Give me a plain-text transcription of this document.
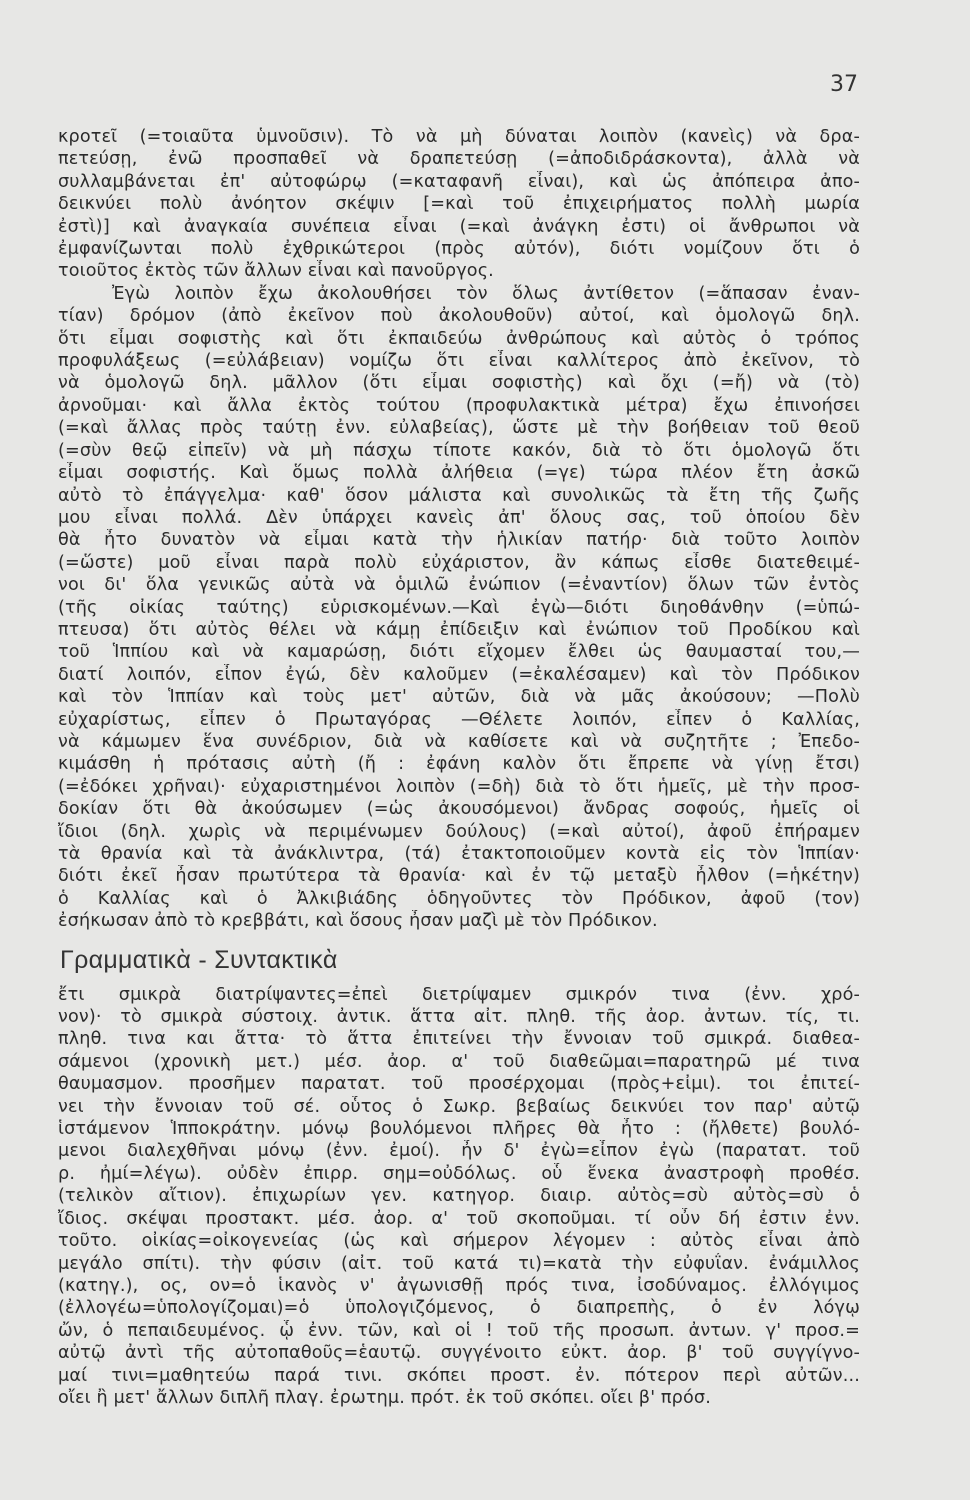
37
κροτεῖ (=τοιαῦτα ὑμνοῦσιν). Τὸ νὰ μὴ δύναται λοιπὸν (κανεὶς) νὰ δρα-
πετεύσῃ, ἐνῶ προσπαθεῖ νὰ δραπετεύσῃ (=ἀποδιδράσκοντα), ἀλλὰ νὰ
συλλαμβάνεται ἐπ' αὐτοφώρῳ (=καταφανῆ εἶναι), καὶ ὡς ἀπόπειρα ἀπο-
δεικνύει πολὺ ἀνόητον σκέψιν [=καὶ τοῦ ἐπιχειρήματος πολλὴ μωρία
ἐστὶ)] καὶ ἀναγκαία συνέπεια εἶναι (=καὶ ἀνάγκη ἐστι) οἱ ἄνθρωποι νὰ
ἐμφανίζωνται πολὺ ἐχθρικώτεροι (πρὸς αὐτόν), διότι νομίζουν ὅτι ὁ
τοιοῦτος ἐκτὸς τῶν ἄλλων εἶναι καὶ πανοῦργος.
Ἐγὼ λοιπὸν ἔχω ἀκολουθήσει τὸν ὅλως ἀντίθετον (=ἅπασαν ἐναν-
τίαν) δρόμον (ἀπὸ ἐκεῖνον ποὺ ἀκολουθοῦν) αὐτοί, καὶ ὁμολογῶ δηλ.
ὅτι εἶμαι σοφιστὴς καὶ ὅτι ἐκπαιδεύω ἀνθρώπους καὶ αὐτὸς ὁ τρόπος
προφυλάξεως (=εὐλάβειαν) νομίζω ὅτι εἶναι καλλίτερος ἀπὸ ἐκεῖνον, τὸ
νὰ ὁμολογῶ δηλ. μᾶλλον (ὅτι εἶμαι σοφιστὴς) καὶ ὄχι (=ἤ) νὰ (τὸ)
ἀρνοῦμαι· καὶ ἄλλα ἐκτὸς τούτου (προφυλακτικὰ μέτρα) ἔχω ἐπινοήσει
(=καὶ ἄλλας πρὸς ταύτῃ ἐνν. εὐλαβείας), ὥστε μὲ τὴν βοήθειαν τοῦ θεοῦ
(=σὺν θεῷ εἰπεῖν) νὰ μὴ πάσχω τίποτε κακόν, διὰ τὸ ὅτι ὁμολογῶ ὅτι
εἶμαι σοφιστής. Καὶ ὅμως πολλὰ ἀλήθεια (=γε) τώρα πλέον ἔτη ἀσκῶ
αὐτὸ τὸ ἐπάγγελμα· καθ' ὅσον μάλιστα καὶ συνολικῶς τὰ ἔτη τῆς ζωῆς
μου εἶναι πολλά. Δὲν ὑπάρχει κανεὶς ἀπ' ὅλους σας, τοῦ ὁποίου δὲν
θὰ ἦτο δυνατὸν νὰ εἶμαι κατὰ τὴν ἡλικίαν πατήρ· διὰ τοῦτο λοιπὸν
(=ὥστε) μοῦ εἶναι παρὰ πολὺ εὐχάριστον, ἂν κάπως εἶσθε διατεθειμέ-
νοι δι' ὅλα γενικῶς αὐτὰ νὰ ὁμιλῶ ἐνώπιον (=ἐναντίον) ὅλων τῶν ἐντὸς
(τῆς οἰκίας ταύτης) εὑρισκομένων.—Καὶ ἐγὼ—διότι διηοθάνθην (=ὑπώ-
πτευσα) ὅτι αὐτὸς θέλει νὰ κάμῃ ἐπίδειξιν καὶ ἐνώπιον τοῦ Προδίκου καὶ
τοῦ Ἱππίου καὶ νὰ καμαρώσῃ, διότι εἴχομεν ἔλθει ὡς θαυμασταί του,—
διατί λοιπόν, εἶπον ἐγώ, δὲν καλοῦμεν (=ἐκαλέσαμεν) καὶ τὸν Πρόδικον
καὶ τὸν Ἱππίαν καὶ τοὺς μετ' αὐτῶν, διὰ νὰ μᾶς ἀκούσουν; —Πολὺ
εὐχαρίστως, εἶπεν ὁ Πρωταγόρας —Θέλετε λοιπόν, εἶπεν ὁ Καλλίας,
νὰ κάμωμεν ἕνα συνέδριον, διὰ νὰ καθίσετε καὶ νὰ συζητῆτε ; Ἐπεδο-
κιμάσθη ἡ πρότασις αὐτὴ (ἤ : ἐφάνη καλὸν ὅτι ἔπρεπε νὰ γίνῃ ἔτσι)
(=ἐδόκει χρῆναι)· εὐχαριστημένοι λοιπὸν (=δὴ) διὰ τὸ ὅτι ἡμεῖς, μὲ τὴν προσ-
δοκίαν ὅτι θὰ ἀκούσωμεν (=ὡς ἀκουσόμενοι) ἄνδρας σοφούς, ἡμεῖς οἱ
ἴδιοι (δηλ. χωρὶς νὰ περιμένωμεν δούλους) (=καὶ αὐτοί), ἀφοῦ ἐπήραμεν
τὰ θρανία καὶ τὰ ἀνάκλιντρα, (τά) ἐτακτοποιοῦμεν κοντὰ εἰς τὸν Ἱππίαν·
διότι ἐκεῖ ἦσαν πρωτύτερα τὰ θρανία· καὶ ἐν τῷ μεταξὺ ἦλθον (=ἡκέτην)
ὁ Καλλίας καὶ ὁ Ἀλκιβιάδης ὁδηγοῦντες τὸν Πρόδικον, ἀφοῦ (τον)
ἐσήκωσαν ἀπὸ τὸ κρεββάτι, καὶ ὅσους ἦσαν μαζὶ μὲ τὸν Πρόδικον.
Γραμματικὰ - Συντακτικὰ
ἔτι σμικρὰ διατρίψαντες=ἐπεὶ διετρίψαμεν σμικρόν τινα (ἐνν. χρό-
νον)· τὸ σμικρὰ σύστοιχ. ἀντικ. ἅττα αἰτ. πληθ. τῆς ἀορ. ἀντων. τίς, τι.
πληθ. τινα και ἅττα· τὸ ἅττα ἐπιτείνει τὴν ἔννοιαν τοῦ σμικρά. διαθεα-
σάμενοι (χρονικὴ μετ.) μέσ. ἀορ. α' τοῦ διαθεῶμαι=παρατηρῶ μέ τινα
θαυμασμον. προσῆμεν παρατατ. τοῦ προσέρχομαι (πρὸς+εἰμι). τοι ἐπιτεί-
νει τὴν ἔννοιαν τοῦ σέ. οὗτος ὁ Σωκρ. βεβαίως δεικνύει τον παρ' αὐτῷ
ἱστάμενον Ἱπποκράτην. μόνῳ βουλόμενοι πλῆρες θὰ ἦτο : (ἤλθετε) βουλό-
μενοι διαλεχθῆναι μόνῳ (ἐνν. ἐμοί). ἦν δ' ἐγὼ=εἶπον ἐγὼ (παρατατ. τοῦ
ρ. ἠμί=λέγω). οὐδὲν ἐπιρρ. σημ=οὐδόλως. οὗ ἕνεκα ἀναστροφὴ προθέσ.
(τελικὸν αἴτιον). ἐπιχωρίων γεν. κατηγορ. διαιρ. αὐτὸς=σὺ αὐτὸς=σὺ ὁ
ἴδιος. σκέψαι προστακτ. μέσ. ἀορ. α' τοῦ σκοποῦμαι. τί οὖν δή ἐστιν ἐνν.
τοῦτο. οἰκίας=οἰκογενείας (ὡς καὶ σήμερον λέγομεν : αὐτὸς εἶναι ἀπὸ
μεγάλο σπίτι). τὴν φύσιν (αἰτ. τοῦ κατά τι)=κατὰ τὴν εὐφυΐαν. ἐνάμιλλος
(κατηγ.), ος, ον=ὁ ἱκανὸς ν' ἀγωνισθῇ πρός τινα, ἰσοδύναμος. ἐλλόγιμος
(ἐλλογέω=ὑπολογίζομαι)=ὁ ὑπολογιζόμενος, ὁ διαπρεπὴς, ὁ ἐν λόγῳ
ὤν, ὁ πεπαιδευμένος. ᾧ ἐνν. τῶν, καὶ οἱ ! τοῦ τῆς προσωπ. ἀντων. γ' προσ.=
αὐτῷ ἀντὶ τῆς αὐτοπαθοῦς=ἑαυτῷ. συγγένοιτο εὐκτ. ἀορ. β' τοῦ συγγίγνο-
μαί τινι=μαθητεύω παρά τινι. σκόπει προστ. ἐν. πότερον περὶ αὐτῶν...
οἴει ἢ μετ' ἄλλων διπλῆ πλαγ. ἐρωτημ. πρότ. ἐκ τοῦ σκόπει. οἴει β' πρόσ.
